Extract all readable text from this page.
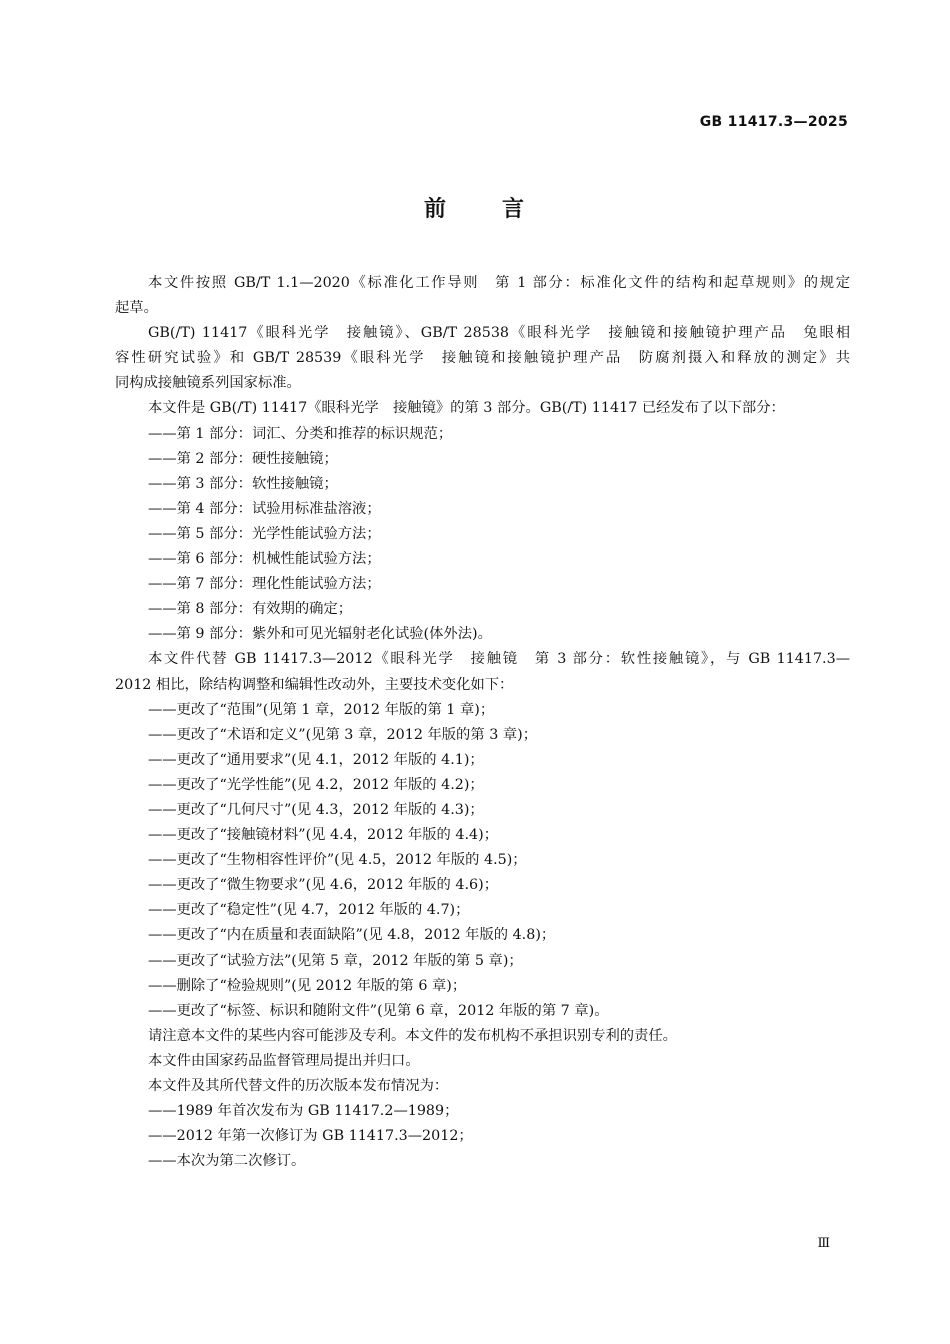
GB 11417.3—2025
前 言
本文件按照 GB/T 1.1—2020《标准化工作导则　第 1 部分：标准化文件的结构和起草规则》的规定
起草。
GB(/T) 11417《眼科光学　接触镜》、GB/T 28538《眼科光学　接触镜和接触镜护理产品　兔眼相
容性研究试验》和 GB/T 28539《眼科光学　接触镜和接触镜护理产品　防腐剂摄入和释放的测定》共
同构成接触镜系列国家标准。
本文件是 GB(/T) 11417《眼科光学　接触镜》的第 3 部分。GB(/T) 11417 已经发布了以下部分：
——第 1 部分：词汇、分类和推荐的标识规范；
——第 2 部分：硬性接触镜；
——第 3 部分：软性接触镜；
——第 4 部分：试验用标准盐溶液；
——第 5 部分：光学性能试验方法；
——第 6 部分：机械性能试验方法；
——第 7 部分：理化性能试验方法；
——第 8 部分：有效期的确定；
——第 9 部分：紫外和可见光辐射老化试验(体外法)。
本文件代替 GB 11417.3—2012《眼科光学　接触镜　第 3 部分：软性接触镜》，与 GB 11417.3—
2012 相比，除结构调整和编辑性改动外，主要技术变化如下：
——更改了“范围”(见第 1 章，2012 年版的第 1 章)；
——更改了“术语和定义”(见第 3 章，2012 年版的第 3 章)；
——更改了“通用要求”(见 4.1，2012 年版的 4.1)；
——更改了“光学性能”(见 4.2，2012 年版的 4.2)；
——更改了“几何尺寸”(见 4.3，2012 年版的 4.3)；
——更改了“接触镜材料”(见 4.4，2012 年版的 4.4)；
——更改了“生物相容性评价”(见 4.5，2012 年版的 4.5)；
——更改了“微生物要求”(见 4.6，2012 年版的 4.6)；
——更改了“稳定性”(见 4.7，2012 年版的 4.7)；
——更改了“内在质量和表面缺陷”(见 4.8，2012 年版的 4.8)；
——更改了“试验方法”(见第 5 章，2012 年版的第 5 章)；
——删除了“检验规则”(见 2012 年版的第 6 章)；
——更改了“标签、标识和随附文件”(见第 6 章，2012 年版的第 7 章)。
请注意本文件的某些内容可能涉及专利。本文件的发布机构不承担识别专利的责任。
本文件由国家药品监督管理局提出并归口。
本文件及其所代替文件的历次版本发布情况为：
——1989 年首次发布为 GB 11417.2—1989；
——2012 年第一次修订为 GB 11417.3—2012；
——本次为第二次修订。
Ⅲ
